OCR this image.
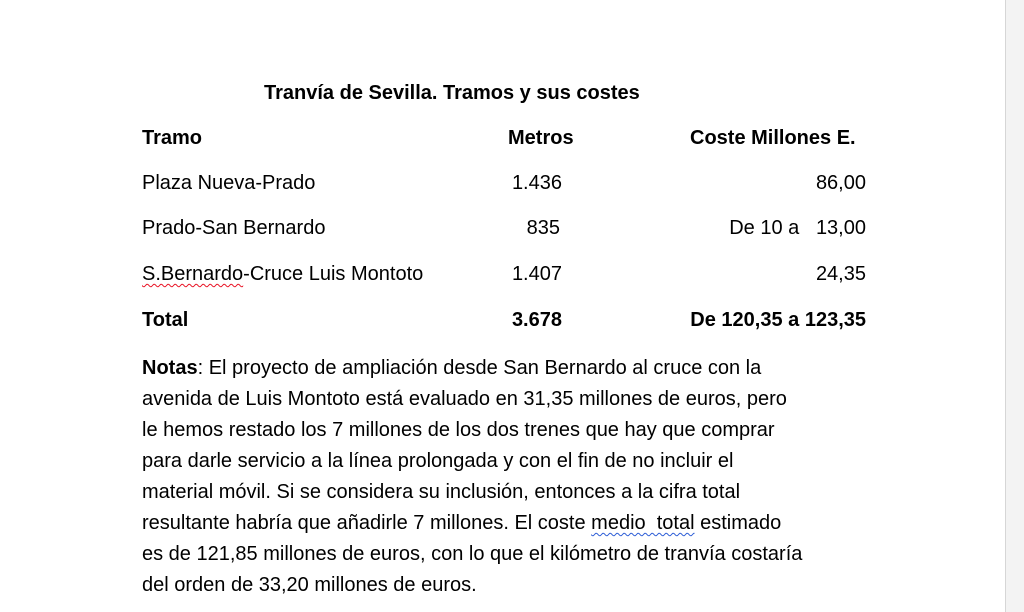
Tranvía de Sevilla. Tramos y sus costes
Tramo	Metros	Coste Millones E.
Plaza Nueva-Prado	1.436	86,00
Prado-San Bernardo	835	De 10 a 13,00
S.Bernardo-Cruce Luis Montoto	1.407	24,35
Total	3.678	De 120,35 a 123,35
Notas: El proyecto de ampliación desde San Bernardo al cruce con la
avenida de Luis Montoto está evaluado en 31,35 millones de euros, pero
le hemos restado los 7 millones de los dos trenes que hay que comprar
para darle servicio a la línea prolongada y con el fin de no incluir el
material móvil. Si se considera su inclusión, entonces a la cifra total
resultante habría que añadirle 7 millones. El coste medio  total estimado
es de 121,85 millones de euros, con lo que el kilómetro de tranvía costaría
del orden de 33,20 millones de euros.
